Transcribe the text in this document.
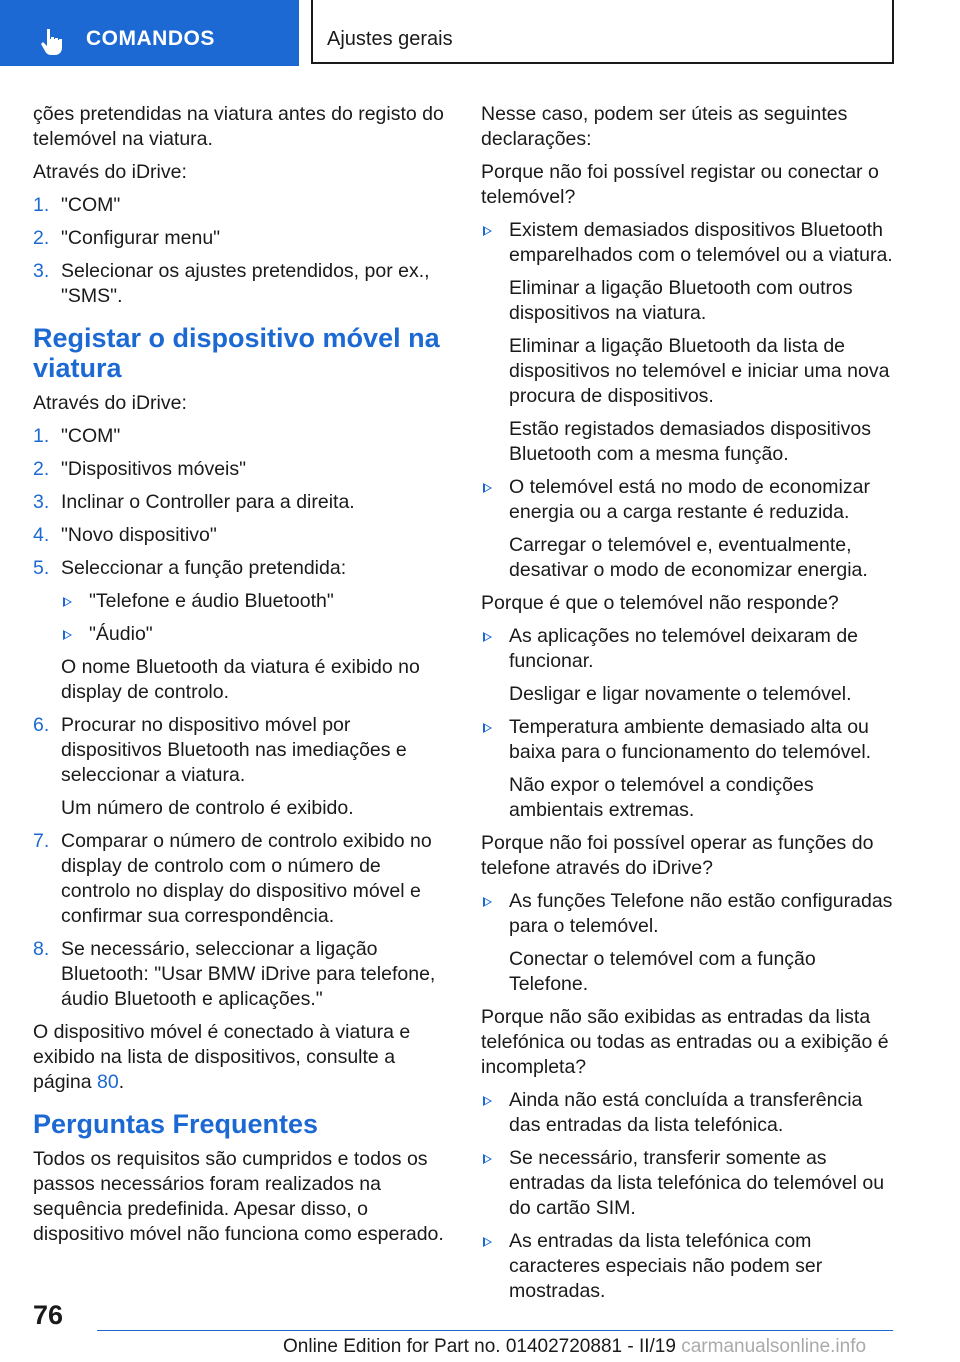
COMANDOS	Ajustes gerais

ções pretendidas na viatura antes do registo do telemóvel na viatura.

Através do iDrive:

1. "COM"
2. "Configurar menu"
3. Selecionar os ajustes pretendidos, por ex., "SMS".
Registar o dispositivo móvel na viatura

Através do iDrive:

1. "COM"
2. "Dispositivos móveis"
3. Inclinar o Controller para a direita.
4. "Novo dispositivo"
5. Seleccionar a função pretendida:
"Telefone e áudio Bluetooth"
"Áudio"
O nome Bluetooth da viatura é exibido no display de controlo.
6. Procurar no dispositivo móvel por dispositivos Bluetooth nas imediações e seleccionar a viatura.
Um número de controlo é exibido.
7. Comparar o número de controlo exibido no display de controlo com o número de controlo no display do dispositivo móvel e confirmar sua correspondência.
8. Se necessário, seleccionar a ligação Bluetooth: "Usar BMW iDrive para telefone, áudio Bluetooth e aplicações."

O dispositivo móvel é conectado à viatura e exibido na lista de dispositivos, consulte a página 80.

Perguntas Frequentes

Todos os requisitos são cumpridos e todos os passos necessários foram realizados na sequência predefinida. Apesar disso, o dispositivo móvel não funciona como esperado.

Nesse caso, podem ser úteis as seguintes declarações:

Porque não foi possível registar ou conectar o telemóvel?

Existem demasiados dispositivos Bluetooth emparelhados com o telemóvel ou a viatura.
Eliminar a ligação Bluetooth com outros dispositivos na viatura.
Eliminar a ligação Bluetooth da lista de dispositivos no telemóvel e iniciar uma nova procura de dispositivos.
Estão registados demasiados dispositivos Bluetooth com a mesma função.
O telemóvel está no modo de economizar energia ou a carga restante é reduzida.
Carregar o telemóvel e, eventualmente, desativar o modo de economizar energia.

Porque é que o telemóvel não responde?

As aplicações no telemóvel deixaram de funcionar.
Desligar e ligar novamente o telemóvel.
Temperatura ambiente demasiado alta ou baixa para o funcionamento do telemóvel.
Não expor o telemóvel a condições ambientais extremas.

Porque não foi possível operar as funções do telefone através do iDrive?

As funções Telefone não estão configuradas para o telemóvel.
Conectar o telemóvel com a função Telefone.

Porque não são exibidas as entradas da lista telefónica ou todas as entradas ou a exibição é incompleta?

Ainda não está concluída a transferência das entradas da lista telefónica.
Se necessário, transferir somente as entradas da lista telefónica do telemóvel ou do cartão SIM.
As entradas da lista telefónica com caracteres especiais não podem ser mostradas.
76
Online Edition for Part no. 01402720881 - II/19 carmanualsonline.info
